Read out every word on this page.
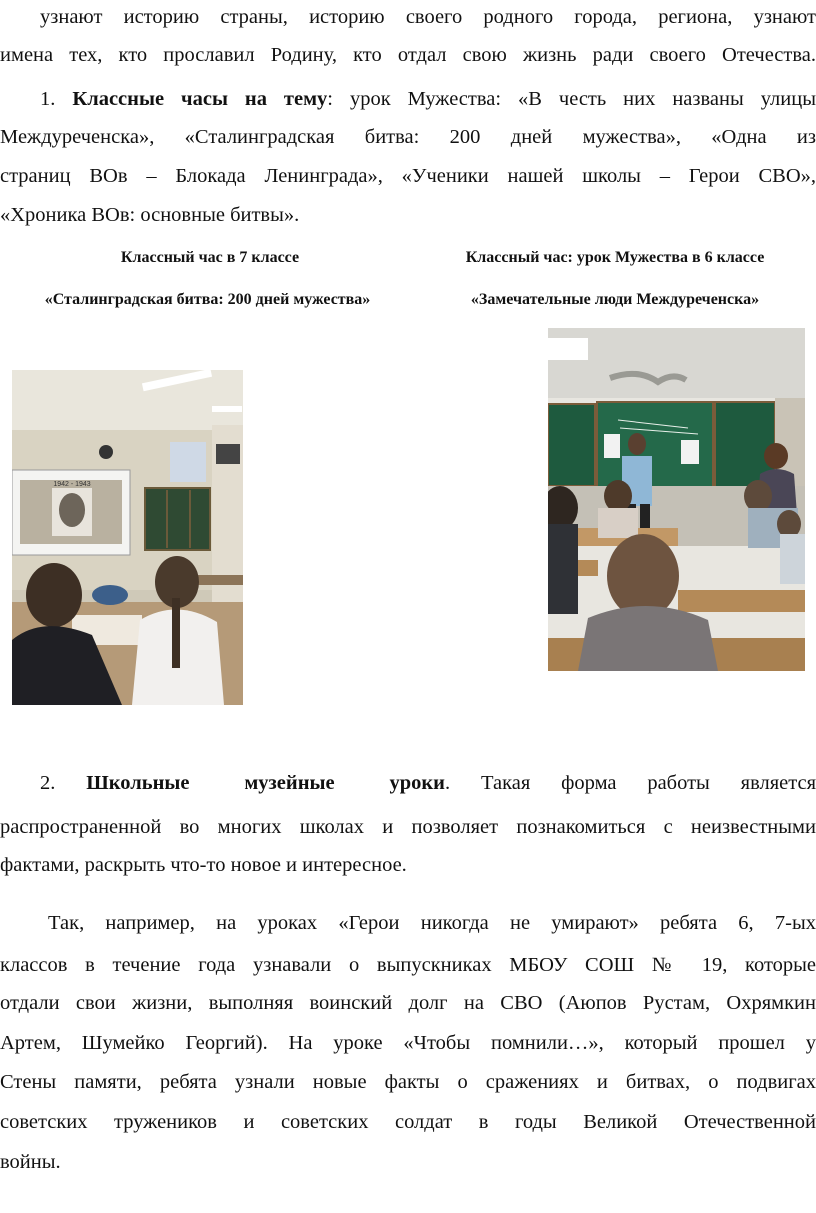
узнают историю страны, историю своего родного города, региона, узнают

имена тех, кто прославил Родину, кто отдал свою жизнь ради своего Отечества.

1. Классные часы на тему: урок Мужества: «В честь них названы улицы

Междуреченска», «Сталинградская битва: 200 дней мужества», «Одна из

страниц ВОв – Блокада Ленинграда», «Ученики нашей школы – Герои СВО»,

«Хроника ВОв: основные битвы».

Классный час в 7 классе
«Сталинградская битва: 200 дней мужества»
Классный час: урок Мужества в 6 классе
«Замечательные люди Междуреченска»
1942 - 1943

2. Школьные музейные уроки. Такая форма работы является

распространенной во многих школах и позволяет познакомиться с неизвестными

фактами, раскрыть что-то новое и интересное.

Так, например, на уроках «Герои никогда не умирают» ребята 6, 7-ых

классов в течение года узнавали о выпускниках МБОУ СОШ № 19, которые

отдали свои жизни, выполняя воинский долг на СВО (Аюпов Рустам, Охрямкин

Артем, Шумейко Георгий). На уроке «Чтобы помнили…», который прошел у

Стены памяти, ребята узнали новые факты о сражениях и битвах, о подвигах

советских тружеников и советских солдат в годы Великой Отечественной

войны.
